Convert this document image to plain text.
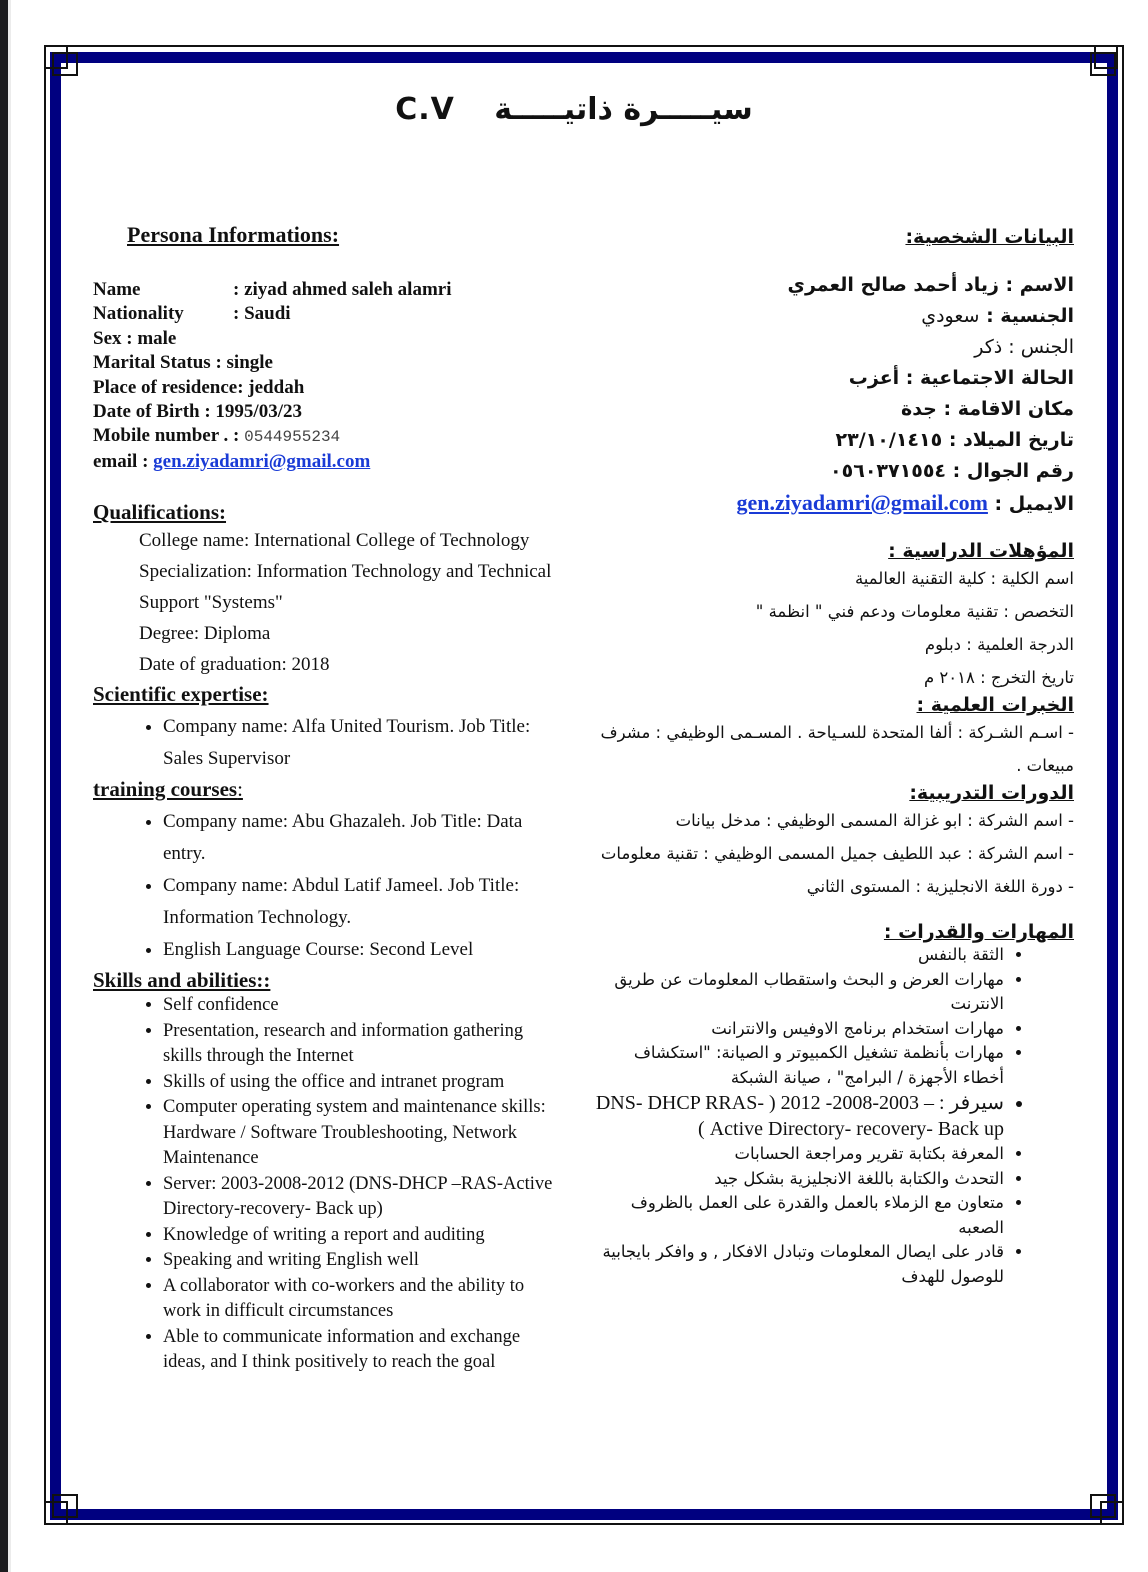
C.V سيـــــرة ذاتيـــــة

Persona Informations:

Name	: ziyad ahmed saleh alamri
Nationality	: Saudi
Sex : male
Marital Status : single
Place of residence: jeddah
Date of Birth : 1995/03/23
Mobile number . : 0544955234
email : gen.ziyadamri@gmail.com

Qualifications:

College name: International College of Technology
Specialization: Information Technology and Technical Support "Systems"
Degree: Diploma
Date of graduation: 2018

Scientific expertise:

• Company name: Alfa United Tourism. Job Title: Sales Supervisor

training courses:

• Company name: Abu Ghazaleh. Job Title: Data entry.
• Company name: Abdul Latif Jameel. Job Title: Information Technology.
• English Language Course: Second Level

Skills and abilities::

• Self confidence
• Presentation, research and information gathering skills through the Internet
• Skills of using the office and intranet program
• Computer operating system and maintenance skills: Hardware / Software Troubleshooting, Network Maintenance
• Server: 2003-2008-2012 (DNS-DHCP –RAS-Active Directory-recovery- Back up)
• Knowledge of writing a report and auditing
• Speaking and writing English well
• A collaborator with co-workers and the ability to work in difficult circumstances
• Able to communicate information and exchange ideas, and I think positively to reach the goal

البيانات الشخصية:

الاسم : زياد أحمد صالح العمري
الجنسية : سعودي
الجنس : ذكر
الحالة الاجتماعية : أعزب
مكان الاقامة : جدة
تاريخ الميلاد : ٢٣/١٠/١٤١٥
رقم الجوال : ٠٥٦٠٣٧١٥٥٤
الايميل : gen.ziyadamri@gmail.com

المؤهلات الدراسية :

اسم الكلية : كلية التقنية العالمية
التخصص : تقنية معلومات ودعم فني " انظمة "
الدرجة العلمية : دبلوم
تاريخ التخرج : ٢٠١٨ م

الخبرات العلمية :

- اسـم الشـركة : ألفا المتحدة للسـياحة . المسـمى الوظيفي : مشرف مبيعات .

الدورات التدريبية:

- اسم الشركة : ابو غزالة المسمى الوظيفي : مدخل بيانات
- اسم الشركة : عبد اللطيف جميل المسمى الوظيفي : تقنية معلومات
- دورة اللغة الانجليزية : المستوى الثاني

المهارات والقدرات :

• الثقة بالنفس
• مهارات العرض و البحث واستقطاب المعلومات عن طريق الانترنت
• مهارات استخدام برنامج الاوفيس والانترانت
• مهارات بأنظمة تشغيل الكمبيوتر و الصيانة: "استكشاف أخطاء الأجهزة / البرامج" ، صيانة الشبكة
• سيرفر : – 2003-2008- 2012 ( DNS- DHCP RRAS-Active Directory- recovery- Back up )
• المعرفة بكتابة تقرير ومراجعة الحسابات
• التحدث والكتابة باللغة الانجليزية بشكل جيد
• متعاون مع الزملاء بالعمل والقدرة على العمل بالظروف الصعبه
• قادر على ايصال المعلومات وتبادل الافكار , و وافكر بايجابية للوصول للهدف
